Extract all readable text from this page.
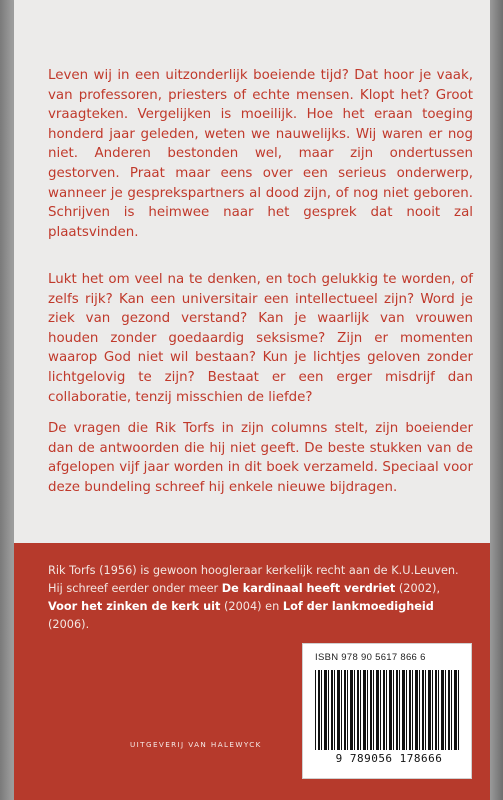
Leven wij in een uitzonderlijk boeiende tijd? Dat hoor je vaak, van professoren, priesters of echte mensen. Klopt het? Groot vraagteken. Vergelijken is moeilijk. Hoe het eraan toeging honderd jaar geleden, weten we nauwelijks. Wij waren er nog niet. Anderen bestonden wel, maar zijn ondertussen gestorven. Praat maar eens over een serieus onderwerp, wanneer je gesprekspartners al dood zijn, of nog niet geboren. Schrijven is heimwee naar het gesprek dat nooit zal plaatsvinden.

Lukt het om veel na te denken, en toch gelukkig te worden, of zelfs rijk? Kan een universitair een intellectueel zijn? Word je ziek van gezond verstand? Kan je waarlijk van vrouwen houden zonder goedaardig seksisme? Zijn er momenten waarop God niet wil bestaan? Kun je lichtjes geloven zonder lichtgelovig te zijn? Bestaat er een erger misdrijf dan collaboratie, tenzij misschien de liefde?

De vragen die Rik Torfs in zijn columns stelt, zijn boeiender dan de antwoorden die hij niet geeft. De beste stukken van de afgelopen vijf jaar worden in dit boek verzameld. Speciaal voor deze bundeling schreef hij enkele nieuwe bijdragen.

Rik Torfs (1956) is gewoon hoogleraar kerkelijk recht aan de K.U.Leuven.
Hij schreef eerder onder meer De kardinaal heeft verdriet (2002),
Voor het zinken de kerk uit (2004) en Lof der lankmoedigheid (2006).
ISBN 978 90 5617 866 6
9 789056 178666
UITGEVERIJ VAN HALEWYCK
